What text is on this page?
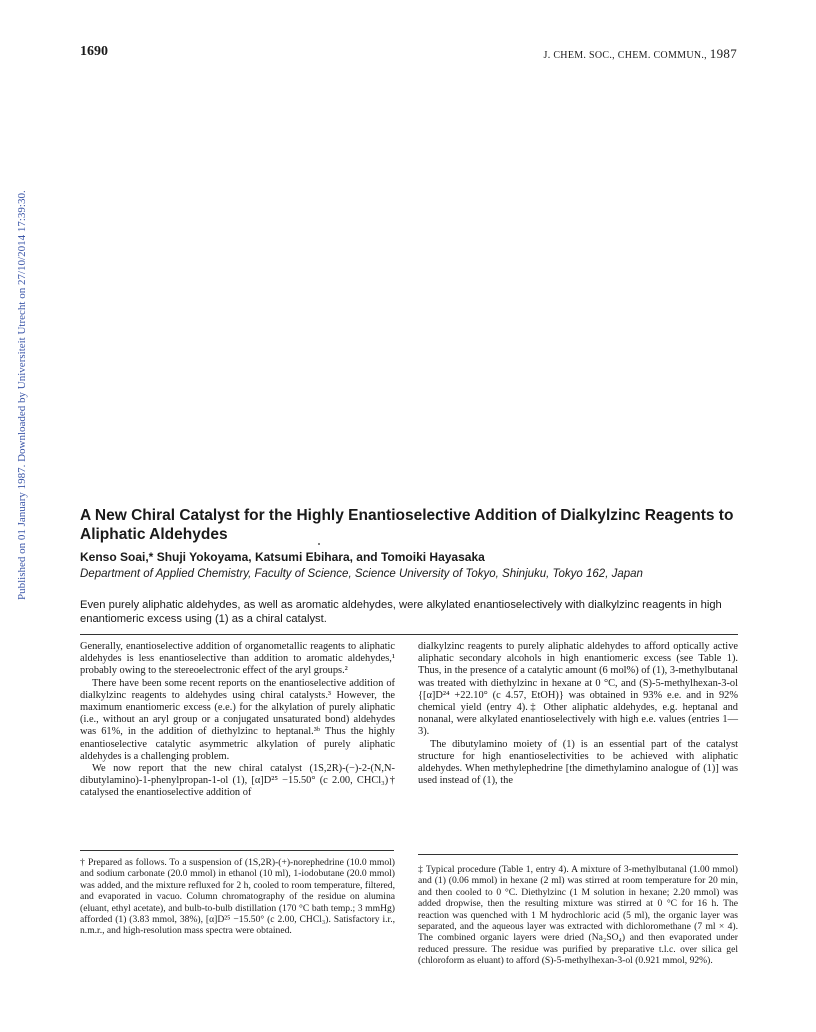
1690	J. CHEM. SOC., CHEM. COMMUN., 1987
Published on 01 January 1987. Downloaded by Universiteit Utrecht on 27/10/2014 17:39:30.	A New Chiral Catalyst for the Highly Enantioselective Addition of Dialkylzinc Reagents to Aliphatic Aldehydes
Kenso Soai,* Shuji Yokoyama, Katsumi Ebihara, and Tomoiki Hayasaka
Department of Applied Chemistry, Faculty of Science, Science University of Tokyo, Shinjuku, Tokyo 162, Japan
Even purely aliphatic aldehydes, as well as aromatic aldehydes, were alkylated enantioselectively with dialkylzinc reagents in high enantiomeric excess using (1) as a chiral catalyst.

Generally, enantioselective addition of organometallic reagents to aliphatic aldehydes is less enantioselective than addition to aromatic aldehydes,¹ probably owing to the stereoelectronic effect of the aryl groups.²

There have been some recent reports on the enantioselective addition of dialkylzinc reagents to aldehydes using chiral catalysts.³ However, the maximum enantiomeric excess (e.e.) for the alkylation of purely aliphatic (i.e., without an aryl group or a conjugated unsaturated bond) aldehydes was 61%, in the addition of diethylzinc to heptanal.³ᵇ Thus the highly enantioselective catalytic asymmetric alkylation of purely aliphatic aldehydes is a challenging problem.

We now report that the new chiral catalyst (1S,2R)-(−)-2-(N,N-dibutylamino)-1-phenylpropan-1-ol (1), [α]D²⁵ −15.50° (c 2.00, CHCl₃)† catalysed the enantioselective addition of

dialkylzinc reagents to purely aliphatic aldehydes to afford optically active aliphatic secondary alcohols in high enantiomeric excess (see Table 1). Thus, in the presence of a catalytic amount (6 mol%) of (1), 3-methylbutanal was treated with diethylzinc in hexane at 0 °C, and (S)-5-methylhexan-3-ol {[α]D²⁴ +22.10° (c 4.57, EtOH)} was obtained in 93% e.e. and in 92% chemical yield (entry 4).‡ Other aliphatic aldehydes, e.g. heptanal and nonanal, were alkylated enantioselectively with high e.e. values (entries 1—3).

The dibutylamino moiety of (1) is an essential part of the catalyst structure for high enantioselectivities to be achieved with aliphatic aldehydes. When methylephedrine [the dimethylamino analogue of (1)] was used instead of (1), the

† Prepared as follows. To a suspension of (1S,2R)-(+)-norephedrine (10.0 mmol) and sodium carbonate (20.0 mmol) in ethanol (10 ml), 1-iodobutane (20.0 mmol) was added, and the mixture refluxed for 2 h, cooled to room temperature, filtered, and evaporated in vacuo. Column chromatography of the residue on alumina (eluant, ethyl acetate), and bulb-to-bulb distillation (170 °C bath temp.; 3 mmHg) afforded (1) (3.83 mmol, 38%), [α]D²⁵ −15.50° (c 2.00, CHCl₃). Satisfactory i.r., n.m.r., and high-resolution mass spectra were obtained.
‡ Typical procedure (Table 1, entry 4). A mixture of 3-methylbutanal (1.00 mmol) and (1) (0.06 mmol) in hexane (2 ml) was stirred at room temperature for 20 min, and then cooled to 0 °C. Diethylzinc (1 M solution in hexane; 2.20 mmol) was added dropwise, then the resulting mixture was stirred at 0 °C for 16 h. The reaction was quenched with 1 M hydrochloric acid (5 ml), the organic layer was separated, and the aqueous layer was extracted with dichloromethane (7 ml × 4). The combined organic layers were dried (Na₂SO₄) and then evaporated under reduced pressure. The residue was purified by preparative t.l.c. over silica gel (chloroform as eluant) to afford (S)-5-methylhexan-3-ol (0.921 mmol, 92%).
